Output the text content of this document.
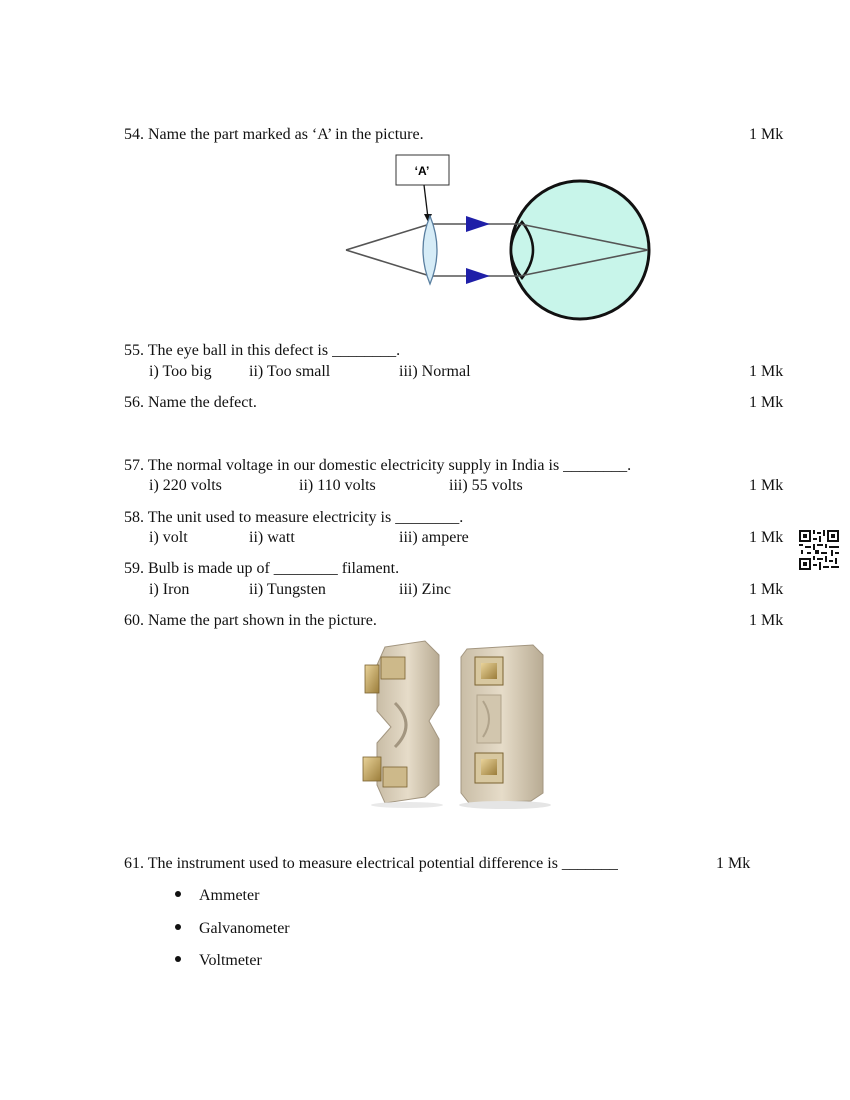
54. Name the part marked as ‘A’ in the picture.	1 Mk
‘A’
55. The eye ball in this defect is ________.
i) Too big ii) Too small	iii) Normal	1 Mk
56. Name the defect.	1 Mk
57. The normal voltage in our domestic electricity supply in India is ________.
i) 220 volts	ii) 110 volts	iii) 55 volts	1 Mk
58. The unit used to measure electricity is ________.
i) volt	ii) watt	iii) ampere	1 Mk
59. Bulb is made up of ________ filament.
i) Iron	ii) Tungsten	iii) Zinc	1 Mk
60. Name the part shown in the picture.	1 Mk
61. The instrument used to measure electrical potential difference is _______	1 Mk
Ammeter
Galvanometer
Voltmeter
